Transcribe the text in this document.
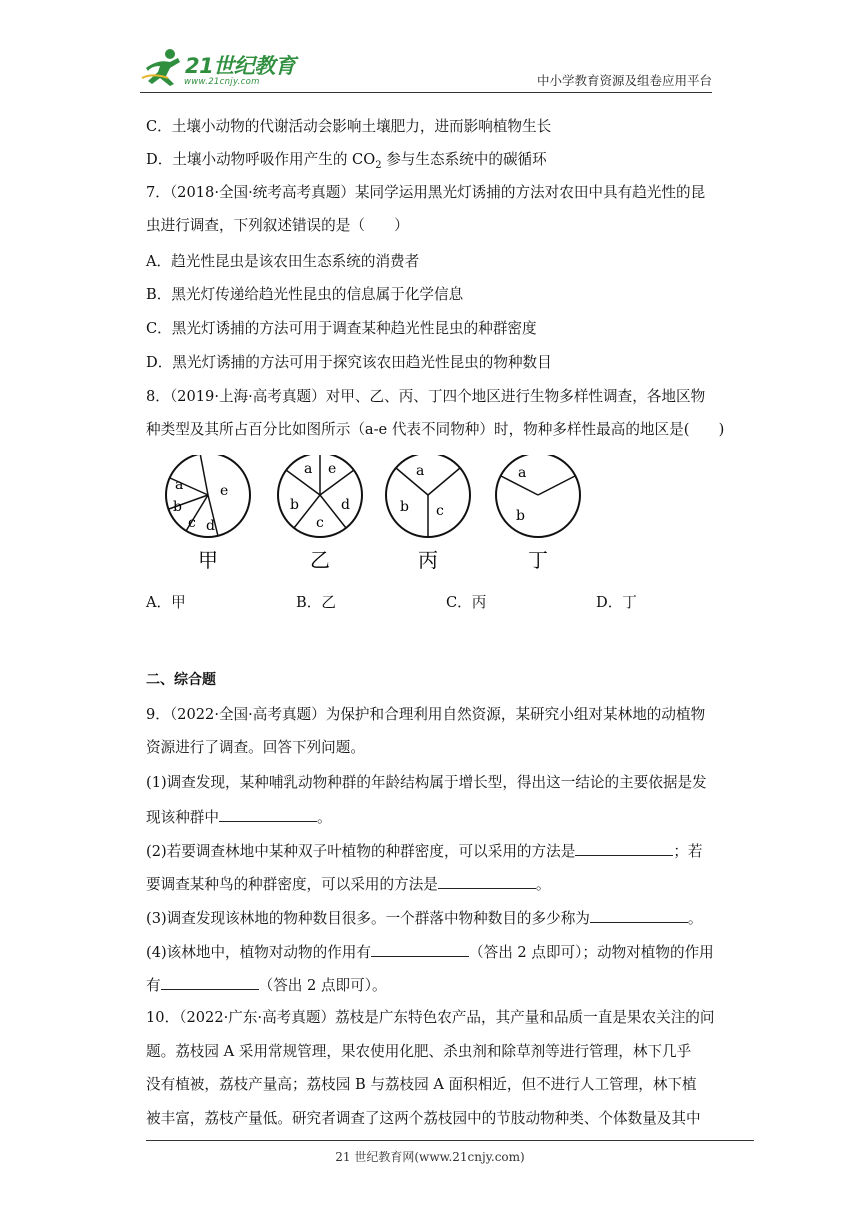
21世纪教育
www.21cnjy.com	中小学教育资源及组卷应用平台
C．土壤小动物的代谢活动会影响土壤肥力，进而影响植物生长
D．土壤小动物呼吸作用产生的 $CO_2$ 参与生态系统中的碳循环
7．（2018·全国·统考高考真题）某同学运用黑光灯诱捕的方法对农田中具有趋光性的昆
虫进行调查，下列叙述错误的是（　　）
A．趋光性昆虫是该农田生态系统的消费者
B．黑光灯传递给趋光性昆虫的信息属于化学信息
C．黑光灯诱捕的方法可用于调查某种趋光性昆虫的种群密度
D．黑光灯诱捕的方法可用于探究该农田趋光性昆虫的物种数目
8．（2019·上海·高考真题）对甲、乙、丙、丁四个地区进行生物多样性调查，各地区物
种类型及其所占百分比如图所示（a-e 代表不同物种）时，物种多样性最高的地区是(　　)
a
b
c d
e
甲
a
b
c
d
e
乙
a
b c
丙
a
b
丁
A．甲	B．乙	C．丙	D．丁
二、综合题
9．（2022·全国·高考真题）为保护和合理利用自然资源，某研究小组对某林地的动植物
资源进行了调查。回答下列问题。
(1)调查发现，某种哺乳动物种群的年龄结构属于增长型，得出这一结论的主要依据是发
现该种群中	。
(2)若要调查林地中某种双子叶植物的种群密度，可以采用的方法是	；若
要调查某种鸟的种群密度，可以采用的方法是	。
(3)调查发现该林地的物种数目很多。一个群落中物种数目的多少称为	。
(4)该林地中，植物对动物的作用有	（答出 2 点即可）；动物对植物的作用
有	（答出 2 点即可）。
10．（2022·广东·高考真题）荔枝是广东特色农产品，其产量和品质一直是果农关注的问
题。荔枝园 A 采用常规管理，果农使用化肥、杀虫剂和除草剂等进行管理，林下几乎
没有植被，荔枝产量高；荔枝园 B 与荔枝园 A 面积相近，但不进行人工管理，林下植
被丰富，荔枝产量低。研究者调查了这两个荔枝园中的节肢动物种类、个体数量及其中
21 世纪教育网(www.21cnjy.com)
